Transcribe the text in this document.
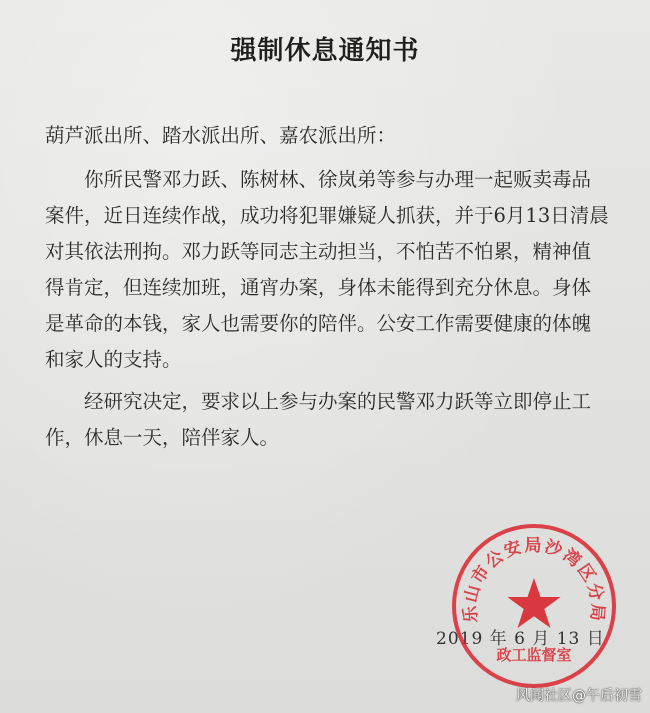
强制休息通知书

葫芦派出所、踏水派出所、嘉农派出所：

你所民警邓力跃、陈树林、徐岚弟等参与办理一起贩卖毒品案件，近日连续作战，成功将犯罪嫌疑人抓获，并于6月13日清晨对其依法刑拘。邓力跃等同志主动担当，不怕苦不怕累，精神值得肯定，但连续加班，通宵办案，身体未能得到充分休息。身体是革命的本钱，家人也需要你的陪伴。公安工作需要健康的体魄和家人的支持。

经研究决定，要求以上参与办案的民警邓力跃等立即停止工作，休息一天，陪伴家人。

2019 年 6 月 13 日
乐山市公安局沙湾区分局
政工监督室
风闻社区@午后初雪
